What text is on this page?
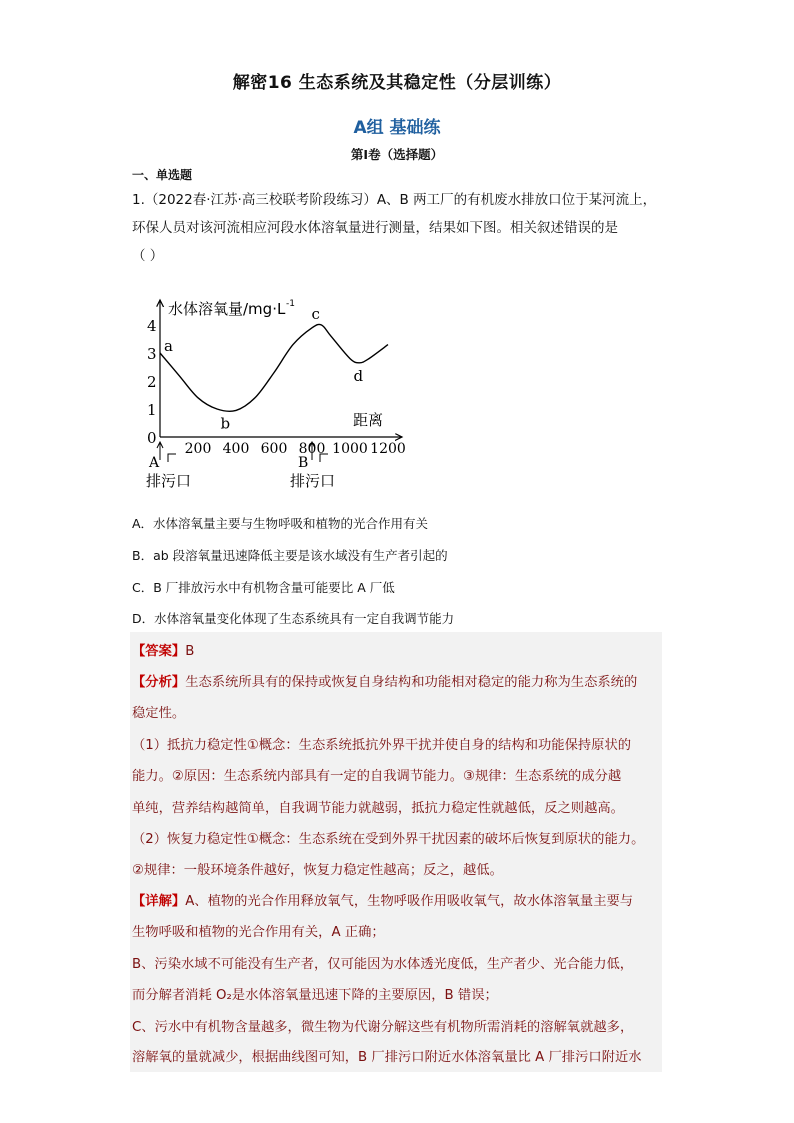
解密16 生态系统及其稳定性（分层训练）
A组 基础练
第Ⅰ卷（选择题）
一、单选题
1.（2022春·江苏·高三校联考阶段练习）A、B 两工厂的有机废水排放口位于某河流上，
环保人员对该河流相应河段水体溶氧量进行测量，结果如下图。相关叙述错误的是
（ ）
水体溶氧量/mg·L -1
距离
0
1
2
3
4
200 400 600 800 1000 1200
a
b
c
d
A
排污口
B
排污口
A．水体溶氧量主要与生物呼吸和植物的光合作用有关
B．ab 段溶氧量迅速降低主要是该水域没有生产者引起的
C．B 厂排放污水中有机物含量可能要比 A 厂低
D．水体溶氧量变化体现了生态系统具有一定自我调节能力
【答案】B
【分析】生态系统所具有的保持或恢复自身结构和功能相对稳定的能力称为生态系统的
稳定性。
（1）抵抗力稳定性①概念：生态系统抵抗外界干扰并使自身的结构和功能保持原状的
能力。②原因：生态系统内部具有一定的自我调节能力。③规律：生态系统的成分越
单纯，营养结构越简单，自我调节能力就越弱，抵抗力稳定性就越低，反之则越高。
（2）恢复力稳定性①概念：生态系统在受到外界干扰因素的破坏后恢复到原状的能力。
②规律：一般环境条件越好，恢复力稳定性越高；反之，越低。
【详解】A、植物的光合作用释放氧气，生物呼吸作用吸收氧气，故水体溶氧量主要与
生物呼吸和植物的光合作用有关，A 正确；
B、污染水域不可能没有生产者，仅可能因为水体透光度低，生产者少、光合能力低，
而分解者消耗 O₂是水体溶氧量迅速下降的主要原因，B 错误；
C、污水中有机物含量越多，微生物为代谢分解这些有机物所需消耗的溶解氧就越多，
溶解氧的量就减少，根据曲线图可知，B 厂排污口附近水体溶氧量比 A 厂排污口附近水
